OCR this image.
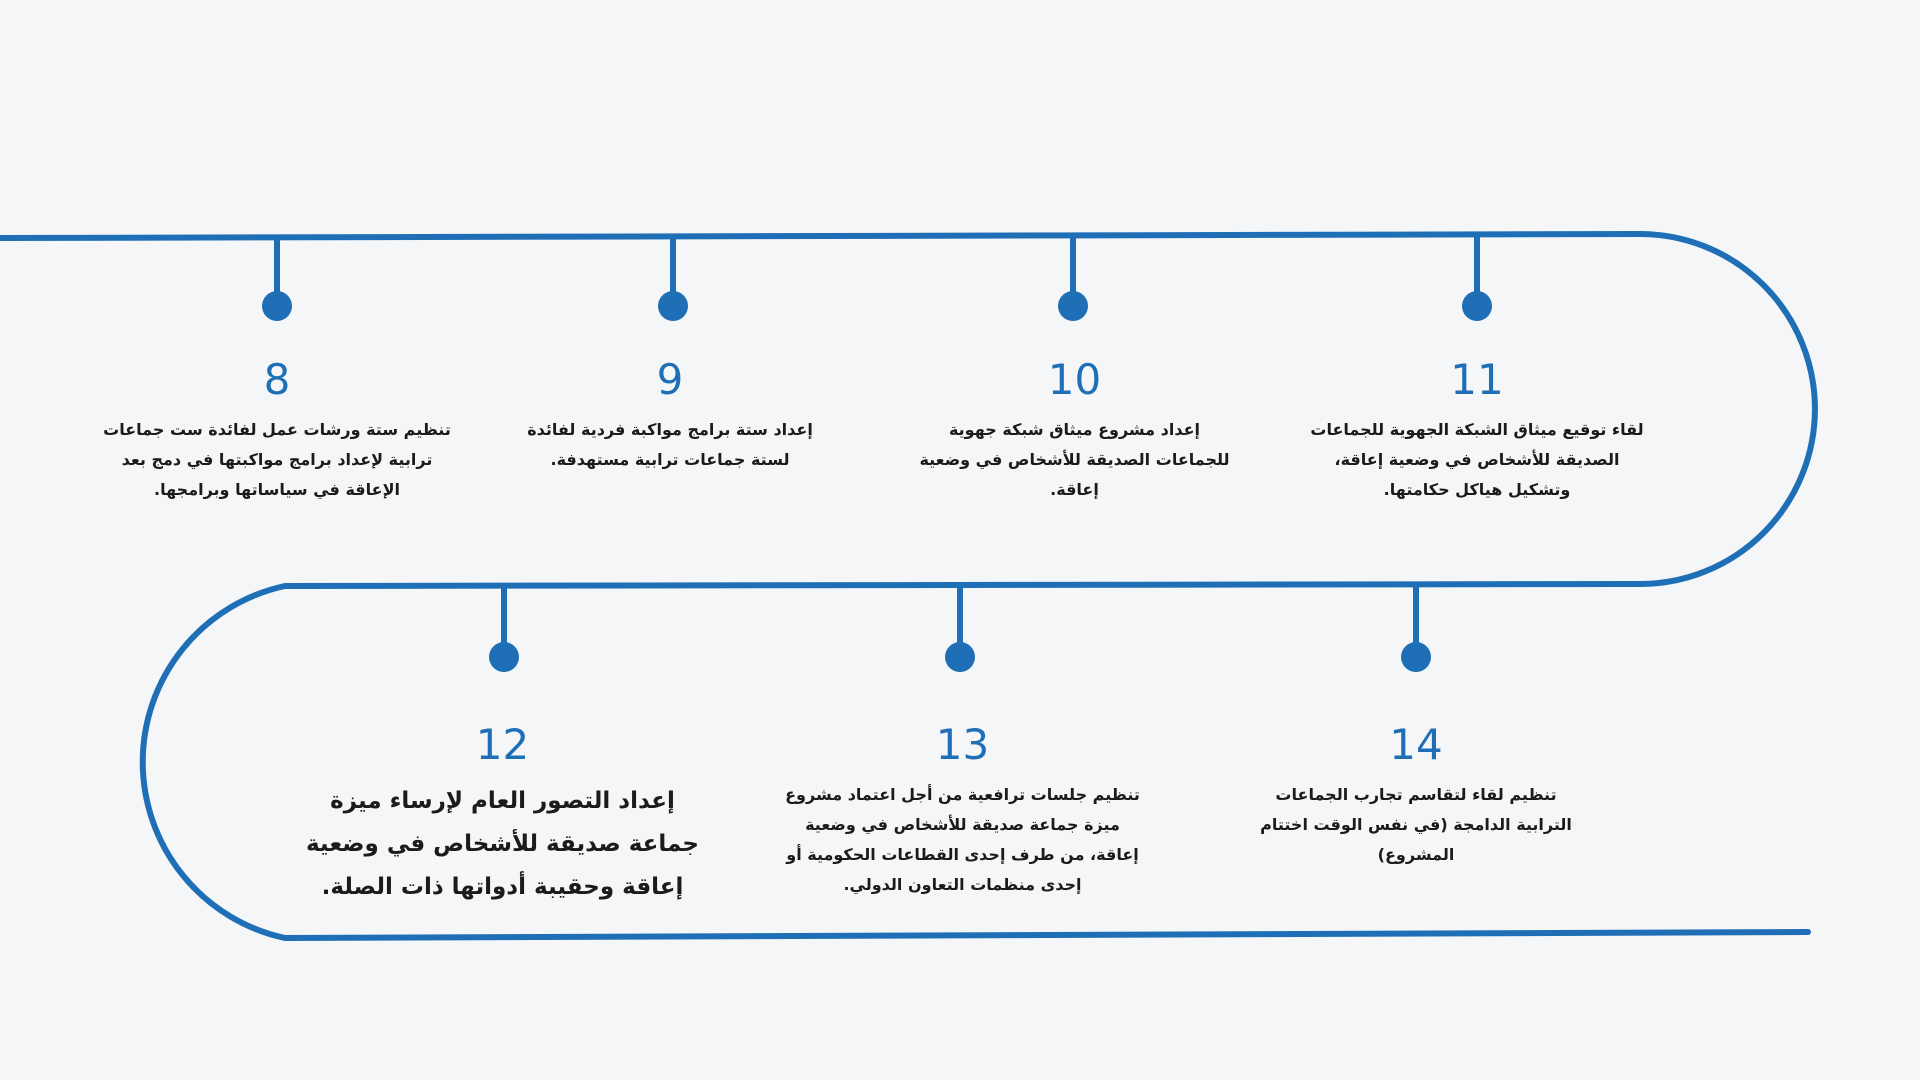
8
تنظيم ستة ورشات عمل لفائدة ست جماعات ترابية لإعداد برامج مواكبتها في دمج بعد الإعاقة في سياساتها وبرامجها.
9
إعداد ستة برامج مواكبة فردية لفائدة لستة جماعات ترابية مستهدفة.
10
إعداد مشروع ميثاق شبكة جهوية للجماعات الصديقة للأشخاص في وضعية إعاقة.
11
لقاء توقيع ميثاق الشبكة الجهوية للجماعات الصديقة للأشخاص في وضعية إعاقة، وتشكيل هياكل حكامتها.
12
إعداد التصور العام لإرساء ميزة جماعة صديقة للأشخاص في وضعية إعاقة وحقيبة أدواتها ذات الصلة.
13
تنظيم جلسات ترافعية من أجل اعتماد مشروع ميزة جماعة صديقة للأشخاص في وضعية إعاقة، من طرف إحدى القطاعات الحكومية أو إحدى منظمات التعاون الدولي.
14
تنظيم لقاء لتقاسم تجارب الجماعات الترابية الدامجة (في نفس الوقت اختتام المشروع)
